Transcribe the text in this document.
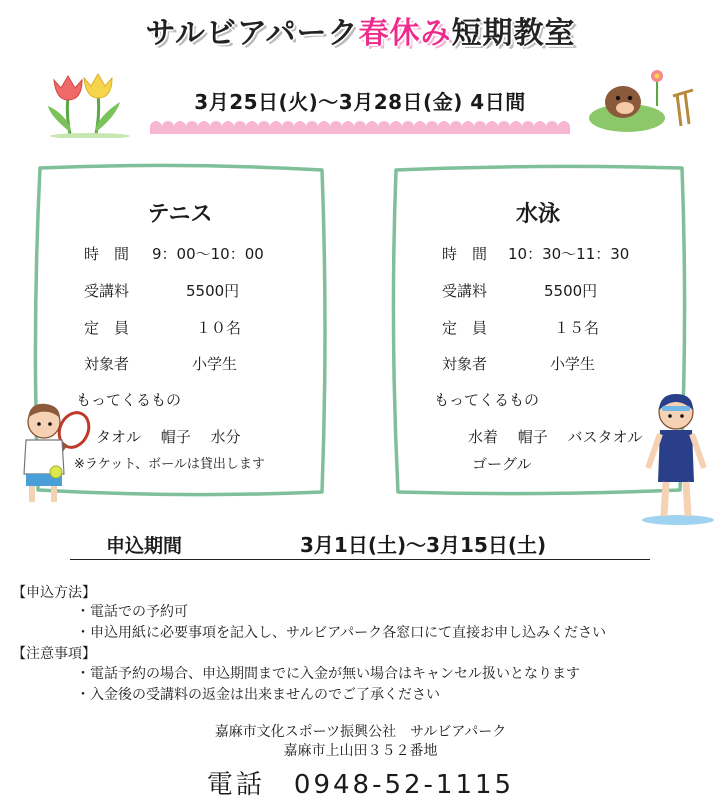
サルビアパーク春休み短期教室
3月25日(火)～3月28日(金) 4日間
テニス
時　間 9：00～10：00
受講料	5500円
定　員	１０名
対象者	小学生
もってくるもの
タオル　 帽子　 水分
※ラケット、ボールは貸出します
水泳
時　間 10：30～11：30
受講料	5500円
定　員	１５名
対象者	小学生
もってくるもの
水着　 帽子　 バスタオル
ゴーグル
申込期間	3月1日(土)～3月15日(土)
【申込方法】
・電話での予約可
・申込用紙に必要事項を記入し、サルビアパーク各窓口にて直接お申し込みください
【注意事項】
・電話予約の場合、申込期間までに入金が無い場合はキャンセル扱いとなります
・入金後の受講料の返金は出来ませんのでご了承ください
嘉麻市文化スポーツ振興公社　サルビアパーク
嘉麻市上山田３５２番地
電話　0948-52-1115
